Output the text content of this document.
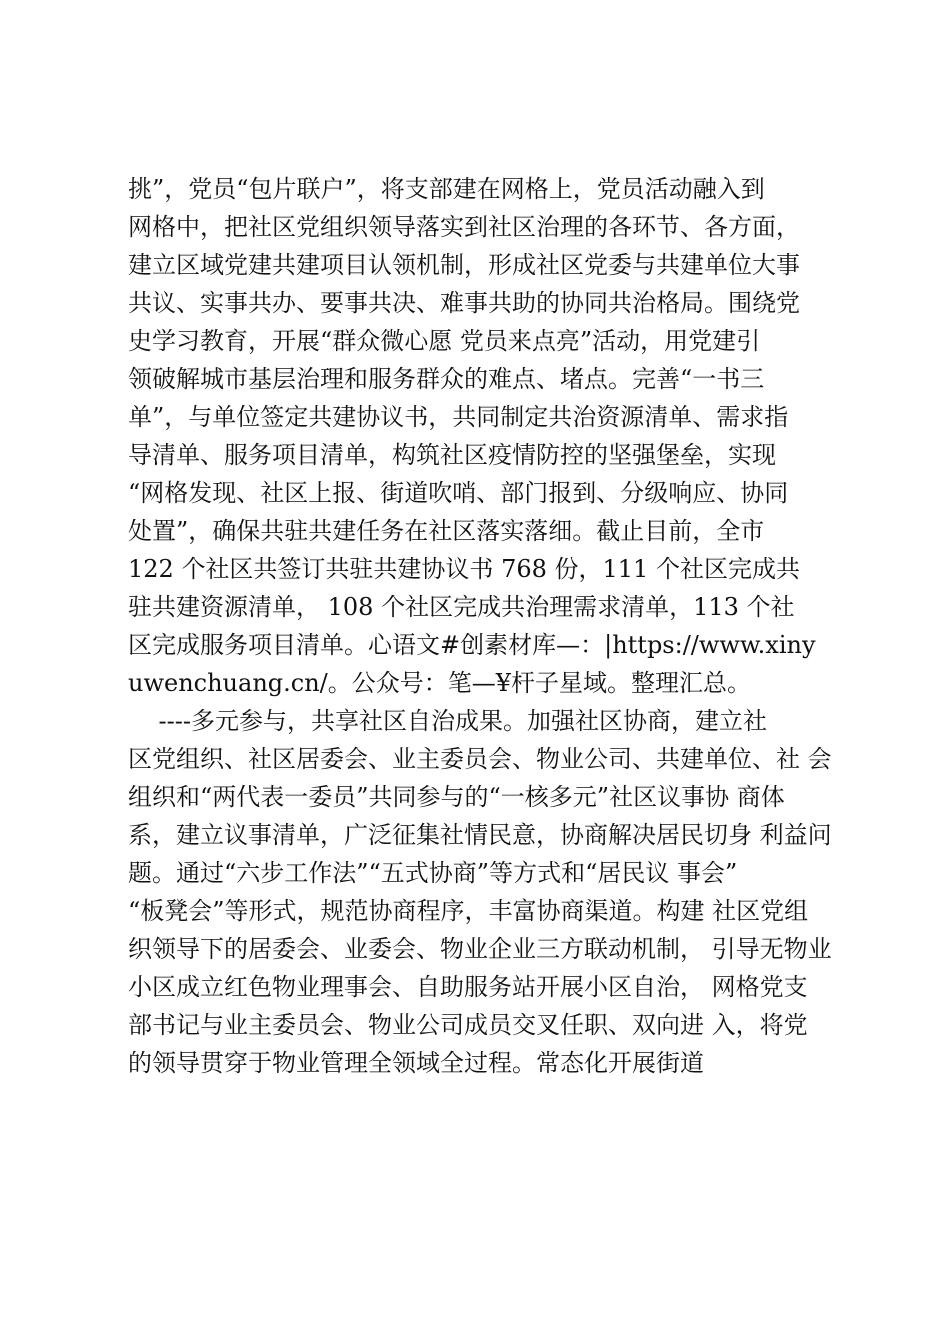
挑”，党员“包片联户”，将支部建在网格上，党员活动融入到
网格中，把社区党组织领导落实到社区治理的各环节、各方面，
建立区域党建共建项目认领机制，形成社区党委与共建单位大事
共议、实事共办、要事共决、难事共助的协同共治格局。围绕党
史学习教育，开展“群众微心愿 党员来点亮”活动，用党建引
领破解城市基层治理和服务群众的难点、堵点。完善“一书三
单”，与单位签定共建协议书，共同制定共治资源清单、需求指
导清单、服务项目清单，构筑社区疫情防控的坚强堡垒，实现
“网格发现、社区上报、街道吹哨、部门报到、分级响应、协同
处置”，确保共驻共建任务在社区落实落细。截止目前，全市
122 个社区共签订共驻共建协议书 768 份，111 个社区完成共
驻共建资源清单， 108 个社区完成共治理需求清单，113 个社
区完成服务项目清单。心语文#创素材库—：|https://www.xiny
uwenchuang.cn/。公众号：笔—¥杆子星域。整理汇总。
----多元参与，共享社区自治成果。加强社区协商，建立社
区党组织、社区居委会、业主委员会、物业公司、共建单位、社 会
组织和“两代表一委员”共同参与的“一核多元”社区议事协 商体
系，建立议事清单，广泛征集社情民意，协商解决居民切身 利益问
题。通过“六步工作法”“五式协商”等方式和“居民议 事会”
“板凳会”等形式，规范协商程序，丰富协商渠道。构建 社区党组
织领导下的居委会、业委会、物业企业三方联动机制， 引导无物业
小区成立红色物业理事会、自助服务站开展小区自治， 网格党支
部书记与业主委员会、物业公司成员交叉任职、双向进 入，将党
的领导贯穿于物业管理全领域全过程。常态化开展街道
